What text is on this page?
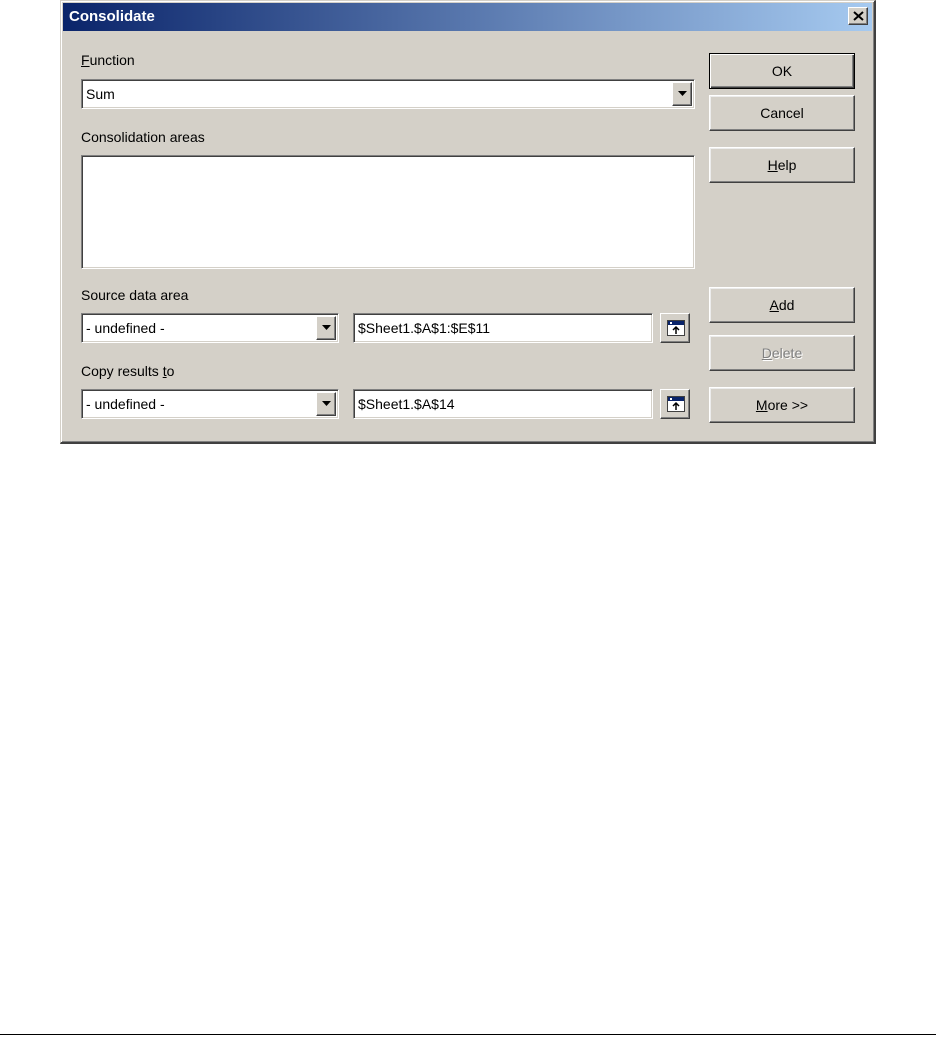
Consolidate
Function
Sum
Consolidation areas
Source data area
- undefined -	$Sheet1.$A$1:$E$11
Copy results to
- undefined -	$Sheet1.$A$14
OK
Cancel
Help
Add
Delete
More >>
